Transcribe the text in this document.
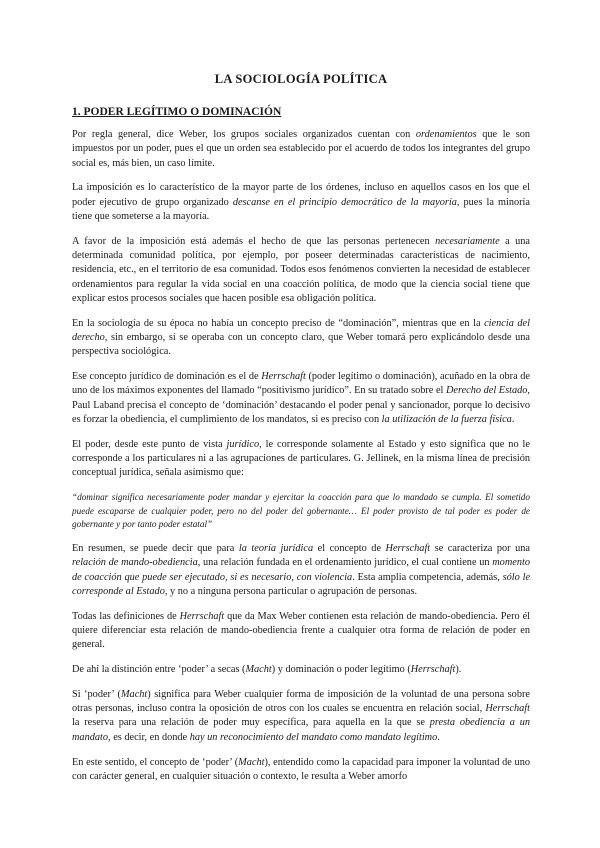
LA SOCIOLOGÍA POLÍTICA
1. PODER LEGÍTIMO O DOMINACIÓN

Por regla general, dice Weber, los grupos sociales organizados cuentan con ordenamientos que le son impuestos por un poder, pues el que un orden sea establecido por el acuerdo de todos los integrantes del grupo social es, más bien, un caso límite.

La imposición es lo característico de la mayor parte de los órdenes, incluso en aquellos casos en los que el poder ejecutivo de grupo organizado descanse en el principio democrático de la mayoría, pues la minoría tiene que someterse a la mayoría.

A favor de la imposición está además el hecho de que las personas pertenecen necesariamente a una determinada comunidad política, por ejemplo, por poseer determinadas características de nacimiento, residencia, etc., en el territorio de esa comunidad. Todos esos fenómenos convierten la necesidad de establecer ordenamientos para regular la vida social en una coacción política, de modo que la ciencia social tiene que explicar estos procesos sociales que hacen posible esa obligación política.

En la sociología de su época no había un concepto preciso de “dominación”, mientras que en la ciencia del derecho, sin embargo, sí se operaba con un concepto claro, que Weber tomará pero explicándolo desde una perspectiva sociológica.

Ese concepto jurídico de dominación es el de Herrschaft (poder legítimo o dominación), acuñado en la obra de uno de los máximos exponentes del llamado “positivismo jurídico”. En su tratado sobre el Derecho del Estado, Paul Laband precisa el concepto de ‘dominación’ destacando el poder penal y sancionador, porque lo decisivo es forzar la obediencia, el cumplimiento de los mandatos, si es preciso con la utilización de la fuerza física.

El poder, desde este punto de vista jurídico, le corresponde solamente al Estado y esto significa que no le corresponde a los particulares ni a las agrupaciones de particulares. G. Jellinek, en la misma línea de precisión conceptual jurídica, señala asimismo que:

“dominar significa necesariamente poder mandar y ejercitar la coacción para que lo mandado se cumpla. El sometido puede escaparse de cualquier poder, pero no del poder del gobernante… El poder provisto de tal poder es poder de gobernante y por tanto poder estatal”

En resumen, se puede decir que para la teoría jurídica el concepto de Herrschaft se caracteriza por una relación de mando-obediencia, una relación fundada en el ordenamiento jurídico, el cual contiene un momento de coacción que puede ser ejecutado, si es necesario, con violencia. Esta amplia competencia, además, sólo le corresponde al Estado, y no a ninguna persona particular o agrupación de personas.

Todas las definiciones de Herrschaft que da Max Weber contienen esta relación de mando-obediencia. Pero él quiere diferenciar esta relación de mando-obediencia frente a cualquier otra forma de relación de poder en general.

De ahí la distinción entre ‘poder’ a secas (Macht) y dominación o poder legítimo (Herrschaft).

Si ‘poder’ (Macht) significa para Weber cualquier forma de imposición de la voluntad de una persona sobre otras personas, incluso contra la oposición de otros con los cuales se encuentra en relación social, Herrschaft la reserva para una relación de poder muy específica, para aquella en la que se presta obediencia a un mandato, es decir, en donde hay un reconocimiento del mandato como mandato legítimo.

En este sentido, el concepto de ‘poder’ (Macht), entendido como la capacidad para imponer la voluntad de uno con carácter general, en cualquier situación o contexto, le resulta a Weber amorfo
